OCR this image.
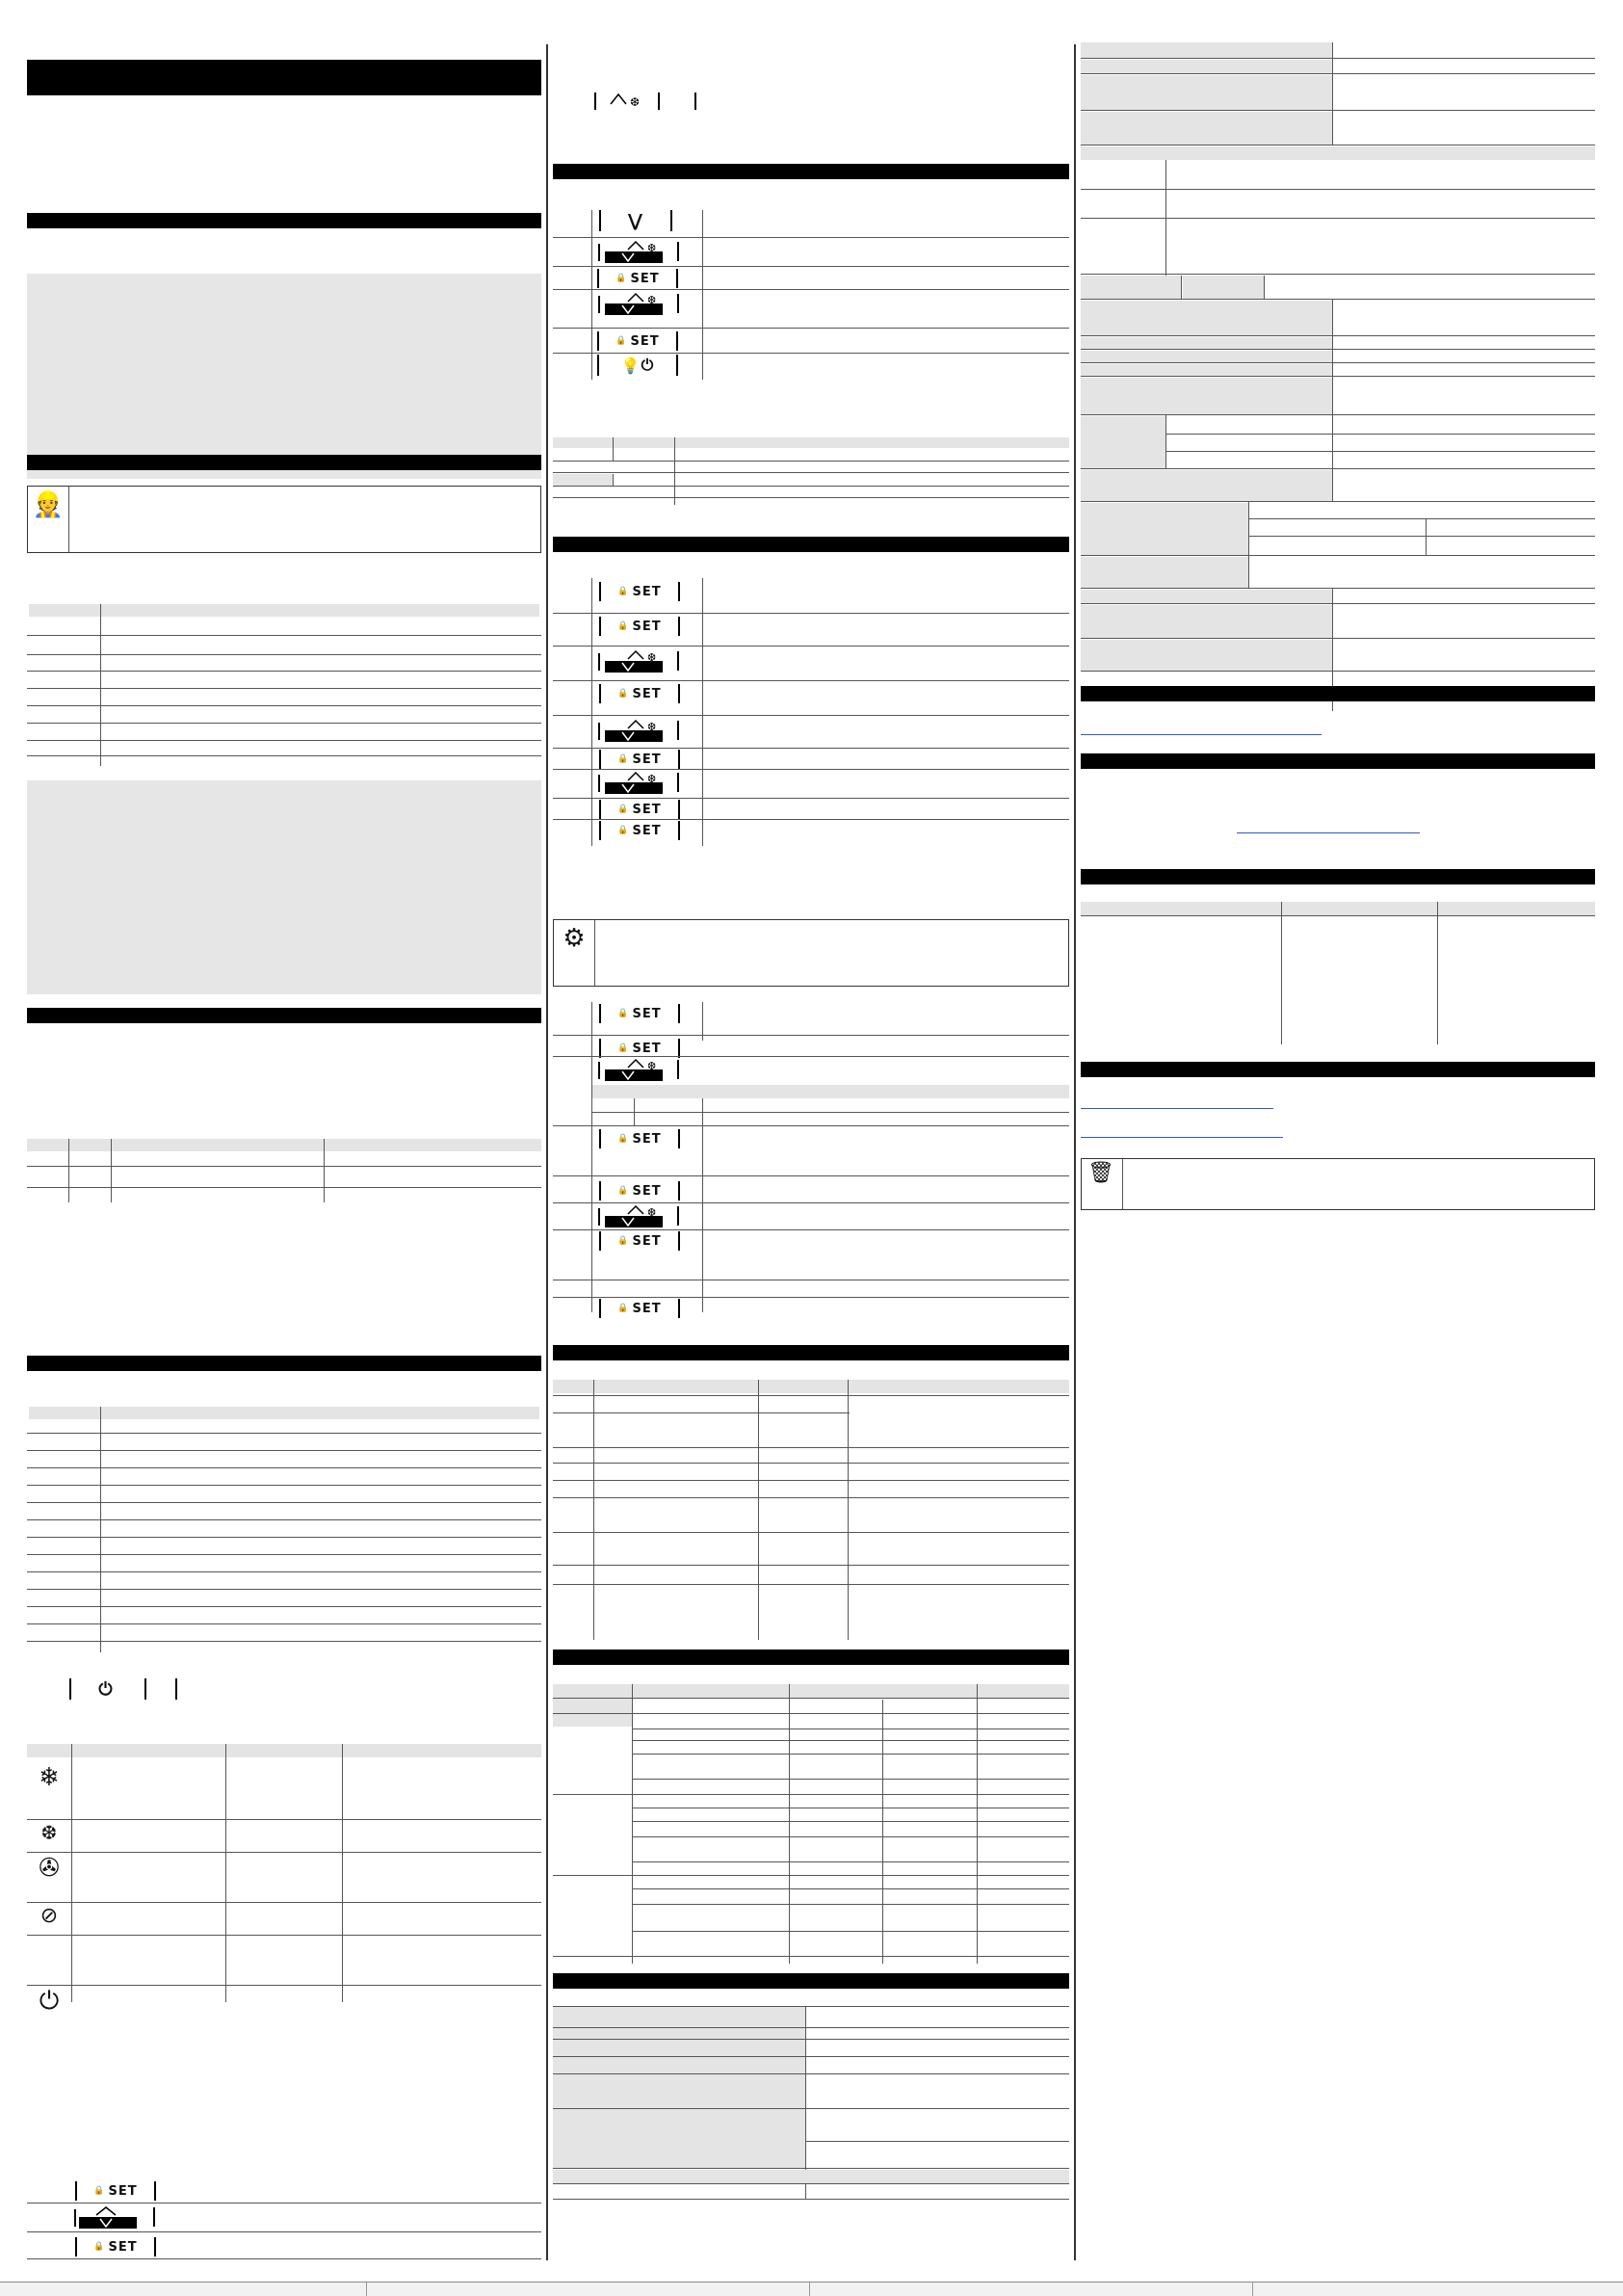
👷
⏻
❄
❆
✇
⊘
⏻
🔒 SET
🔒 SET
❆
⋁
❆
🔒 SET
❆
🔒 SET
💡 ⏻
🔒 SET
🔒 SET
❆
🔒 SET
❆
🔒 SET
❆
🔒 SET
🔒 SET
⚙
🔒 SET
🔒 SET
❆
🔒 SET
🔒 SET
❆
🔒 SET
🔒 SET
🗑
